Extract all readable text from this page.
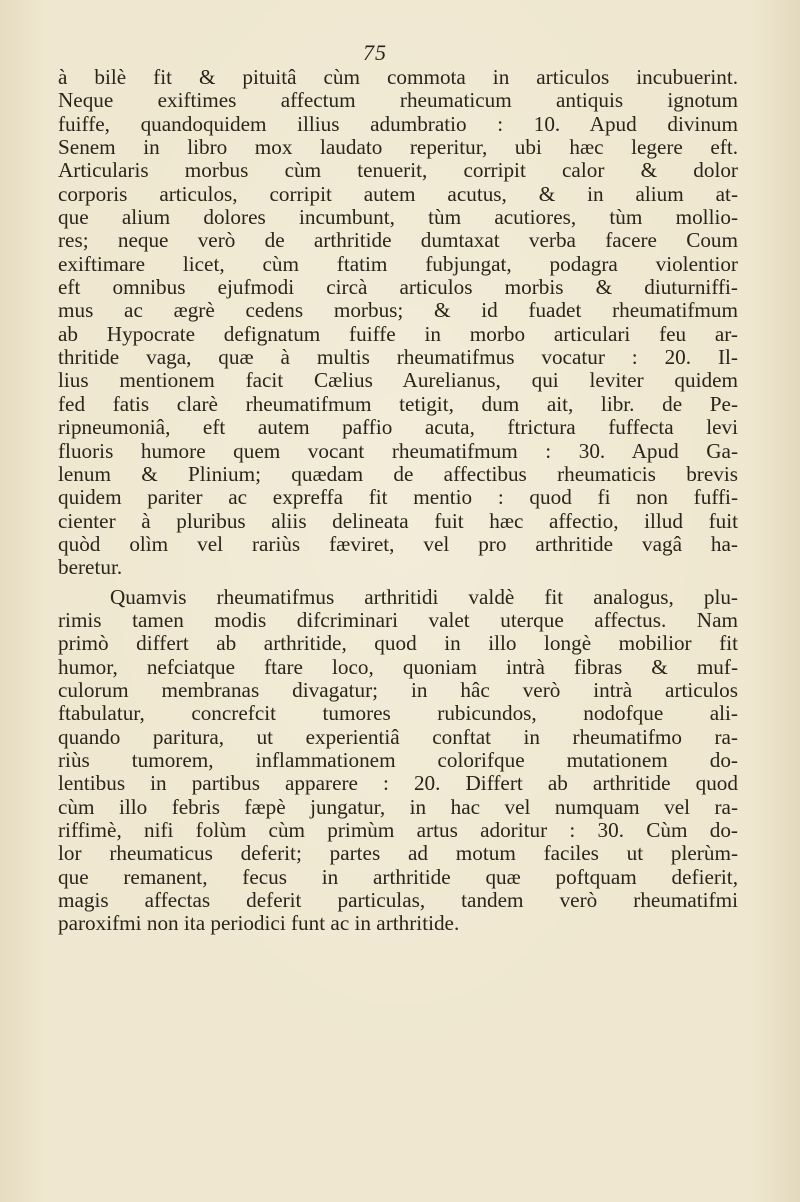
75
à bilè fit & pituitâ cùm commota in articulos incubuerint.
Neque exiftimes affectum rheumaticum antiquis ignotum
fuiffe, quandoquidem illius adumbratio : 10. Apud divinum
Senem in libro mox laudato reperitur, ubi hæc legere eft.
Articularis morbus cùm tenuerit, corripit calor & dolor
corporis articulos, corripit autem acutus, & in alium at-
que alium dolores incumbunt, tùm acutiores, tùm mollio-
res; neque verò de arthritide dumtaxat verba facere Coum
exiftimare licet, cùm ftatim fubjungat, podagra violentior
eft omnibus ejufmodi circà articulos morbis & diuturniffi-
mus ac ægrè cedens morbus; & id fuadet rheumatifmum
ab Hypocrate defignatum fuiffe in morbo articulari feu ar-
thritide vaga, quæ à multis rheumatifmus vocatur : 20. Il-
lius mentionem facit Cælius Aurelianus, qui leviter quidem
fed fatis clarè rheumatifmum tetigit, dum ait, libr. de Pe-
ripneumoniâ, eft autem paffio acuta, ftrictura fuffecta levi
fluoris humore quem vocant rheumatifmum : 30. Apud Ga-
lenum & Plinium; quædam de affectibus rheumaticis brevis
quidem pariter ac expreffa fit mentio : quod fi non fuffi-
cienter à pluribus aliis delineata fuit hæc affectio, illud fuit
quòd olìm vel rariùs fæviret, vel pro arthritide vagâ ha-
beretur.
Quamvis rheumatifmus arthritidi valdè fit analogus, plu-
rimis tamen modis difcriminari valet uterque affectus. Nam
primò differt ab arthritide, quod in illo longè mobilior fit
humor, nefciatque ftare loco, quoniam intrà fibras & muf-
culorum membranas divagatur; in hâc verò intrà articulos
ftabulatur, concrefcit tumores rubicundos, nodofque ali-
quando paritura, ut experientiâ conftat in rheumatifmo ra-
riùs tumorem, inflammationem colorifque mutationem do-
lentibus in partibus apparere : 20. Differt ab arthritide quod
cùm illo febris fæpè jungatur, in hac vel numquam vel ra-
riffimè, nifi folùm cùm primùm artus adoritur : 30. Cùm do-
lor rheumaticus deferit; partes ad motum faciles ut plerùm-
que remanent, fecus in arthritide quæ poftquam defierit,
magis affectas deferit particulas, tandem verò rheumatifmi
paroxifmi non ita periodici funt ac in arthritide.
